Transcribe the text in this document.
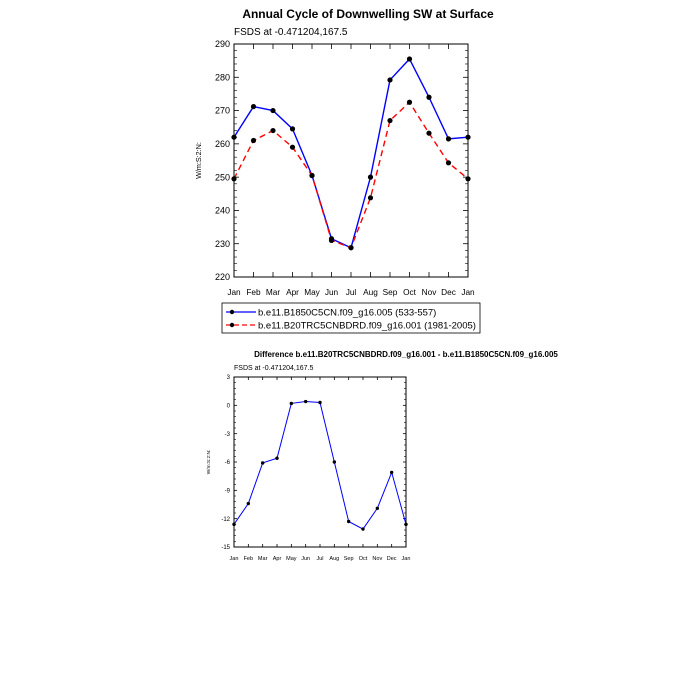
Annual Cycle of Downwelling SW at Surface
FSDS at -0.471204,167.5
220
230
240
250
260
270
280
290
W/m:S:2:N:
Jan Feb Mar Apr May Jun Jul Aug Sep Oct Nov Dec Jan
b.e11.B1850C5CN.f09_g16.005 (533-557)
b.e11.B20TRC5CNBDRD.f09_g16.001 (1981-2005)
Difference b.e11.B20TRC5CNBDRD.f09_g16.001 - b.e11.B1850C5CN.f09_g16.005
FSDS at -0.471204,167.5
-15
-12
-9
-6
-3
0
3
W/m:S:2:N:
Jan Feb Mar Apr May Jun Jul Aug Sep Oct Nov Dec Jan
